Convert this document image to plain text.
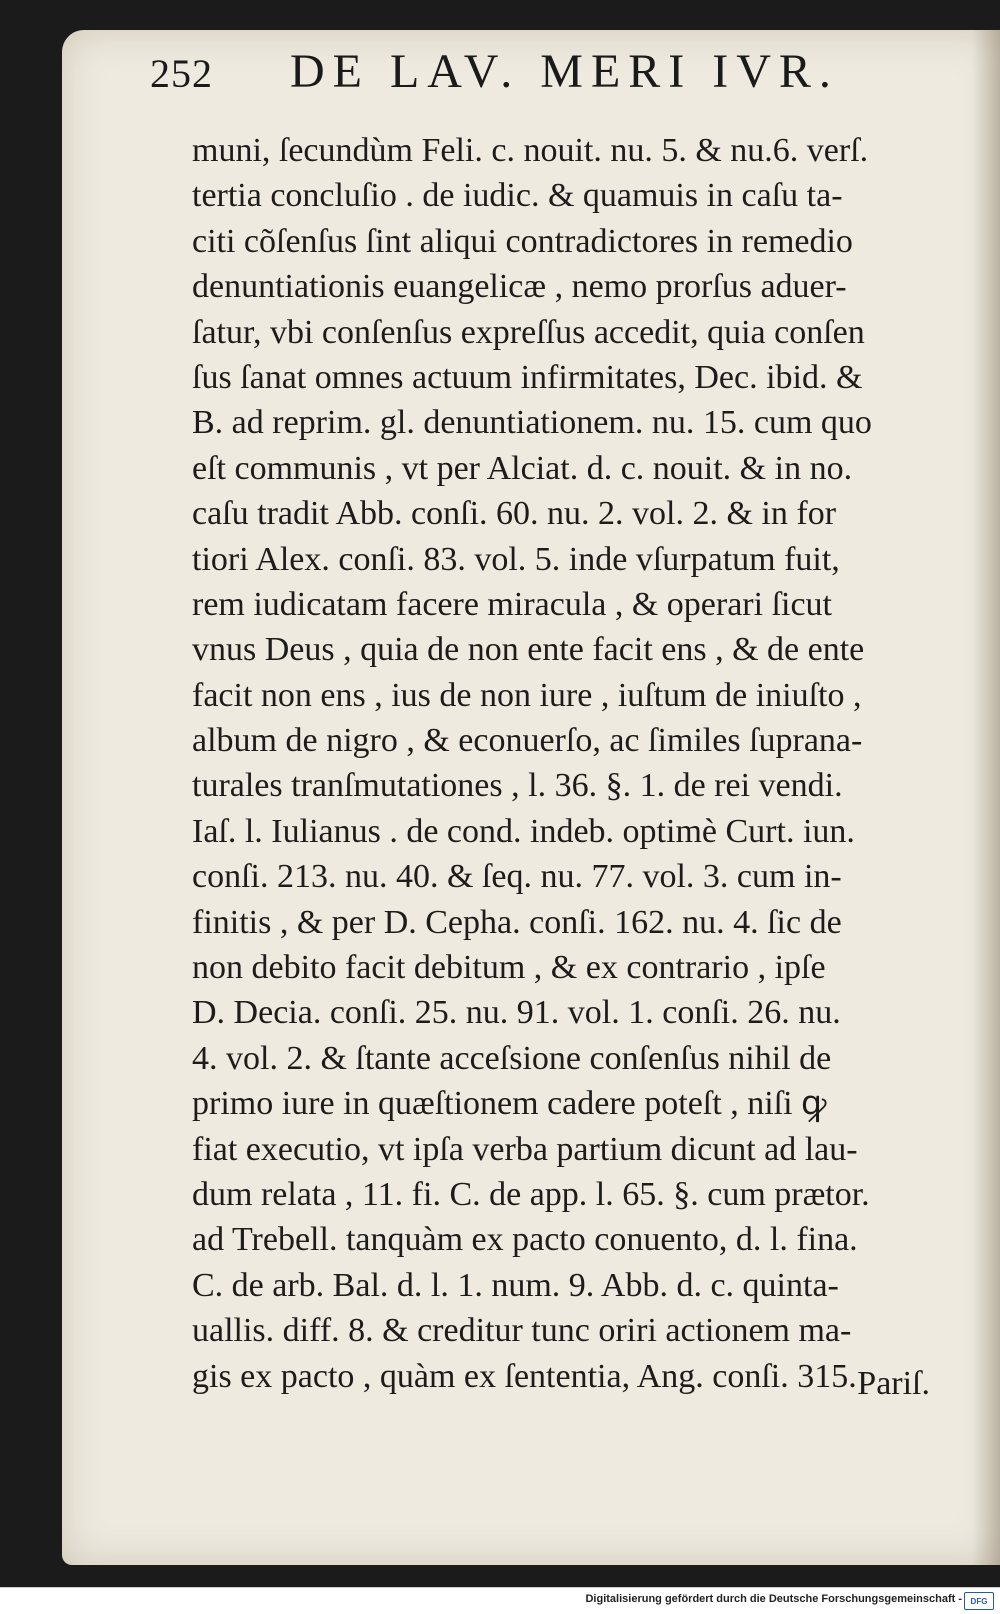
252 DE LAV. MERI IVR.
muni, ſecundùm Feli. c. nouit. nu. 5. & nu.6. verſ.
tertia concluſio . de iudic. & quamuis in caſu ta-
citi cõſenſus ſint aliqui contradictores in remedio
denuntiationis euangelicæ , nemo prorſus aduer-
ſatur, vbi conſenſus expreſſus accedit, quia conſen
ſus ſanat omnes actuum infirmitates, Dec. ibid. &
B. ad reprim. gl. denuntiationem. nu. 15. cum quo
eſt communis , vt per Alciat. d. c. nouit. & in no.
caſu tradit Abb. conſi. 60. nu. 2. vol. 2. & in for
tiori Alex. conſi. 83. vol. 5. inde vſurpatum fuit,
rem iudicatam facere miracula , & operari ſicut
vnus Deus , quia de non ente facit ens , & de ente
facit non ens , ius de non iure , iuſtum de iniuſto ,
album de nigro , & econuerſo, ac ſimiles ſuprana-
turales tranſmutationes , l. 36. §. 1. de rei vendi.
Iaſ. l. Iulianus . de cond. indeb. optimè Curt. iun.
conſi. 213. nu. 40. & ſeq. nu. 77. vol. 3. cum in-
finitis , & per D. Cepha. conſi. 162. nu. 4. ſic de
non debito facit debitum , & ex contrario , ipſe
D. Decia. conſi. 25. nu. 91. vol. 1. conſi. 26. nu.
4. vol. 2. & ſtante acceſsione conſenſus nihil de
primo iure in quæſtionem cadere poteſt , niſi ꝙ
fiat executio, vt ipſa verba partium dicunt ad lau-
dum relata , 11. fi. C. de app. l. 65. §. cum prætor.
ad Trebell. tanquàm ex pacto conuento, d. l. fina.
C. de arb. Bal. d. l. 1. num. 9. Abb. d. c. quinta-
uallis. diff. 8. & creditur tunc oriri actionem ma-
gis ex pacto , quàm ex ſententia, Ang. conſi. 315. Pariſ.
Digitalisierung gefördert durch die Deutsche Forschungsgemeinschaft - DFG
